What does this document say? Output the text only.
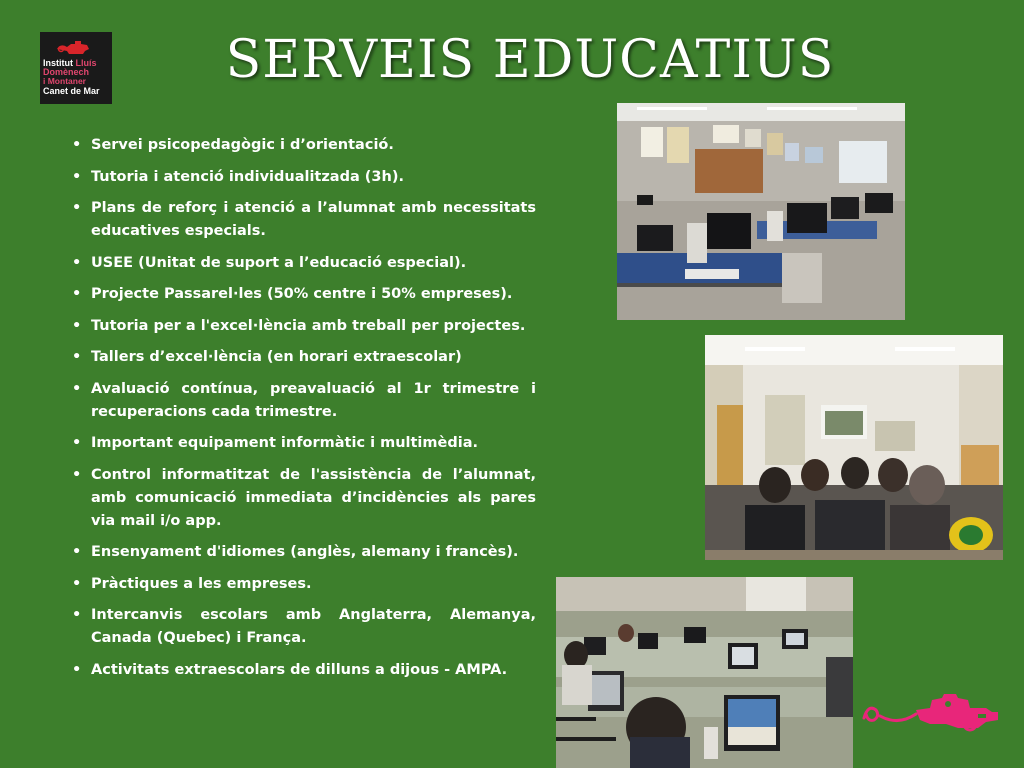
Institut Lluís
Domènech
i Montaner
Canet de Mar
SERVEIS EDUCATIUS
• Servei psicopedagògic i d’orientació.
• Tutoria i atenció individualitzada (3h).
• Plans de reforç i atenció a l’alumnat amb necessitats educatives especials.
• USEE (Unitat de suport a l’educació especial).
• Projecte Passarel·les (50% centre i 50% empreses).
• Tutoria per a l'excel·lència amb treball per projectes.
• Tallers d’excel·lència (en horari extraescolar)
• Avaluació contínua, preavaluació al 1r trimestre i recuperacions cada trimestre.
• Important equipament informàtic i multimèdia.
• Control informatitzat de l'assistència de l’alumnat, amb comunicació immediata d’incidències als pares via mail i/o app.
• Ensenyament d'idiomes (anglès, alemany i francès).
• Pràctiques a les empreses.
• Intercanvis escolars amb Anglaterra, Alemanya, Canada (Quebec) i França.
• Activitats extraescolars de dilluns a dijous - AMPA.
